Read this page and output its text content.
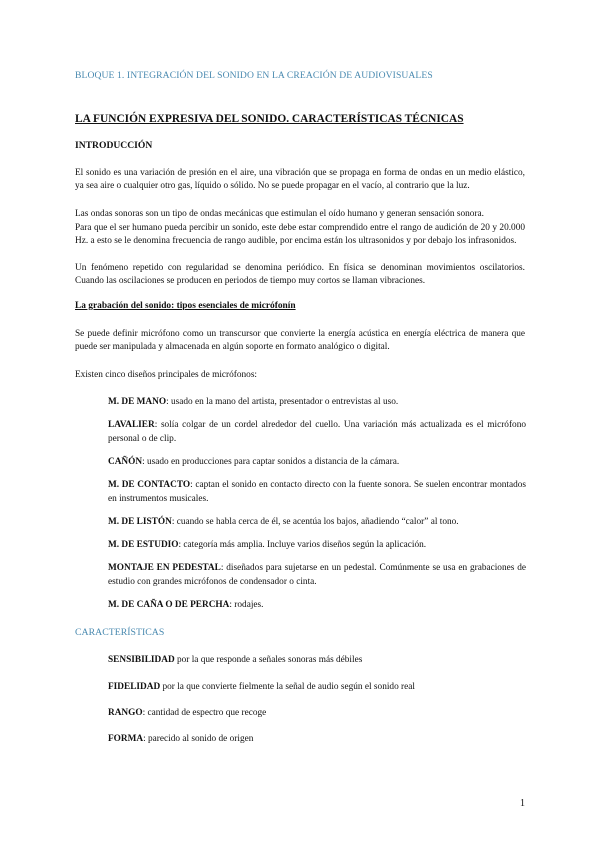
BLOQUE 1. INTEGRACIÓN DEL SONIDO EN LA CREACIÓN DE AUDIOVISUALES
LA FUNCIÓN EXPRESIVA DEL SONIDO. CARACTERÍSTICAS TÉCNICAS
INTRODUCCIÓN
El sonido es una variación de presión en el aire, una vibración que se propaga en forma de ondas en un medio elástico, ya sea aire o cualquier otro gas, líquido o sólido. No se puede propagar en el vacío, al contrario que la luz.
Las ondas sonoras son un tipo de ondas mecánicas que estimulan el oído humano y generan sensación sonora.
Para que el ser humano pueda percibir un sonido, este debe estar comprendido entre el rango de audición de 20 y 20.000 Hz. a esto se le denomina frecuencia de rango audible, por encima están los ultrasonidos y por debajo los infrasonidos.
Un fenómeno repetido con regularidad se denomina periódico. En física se denominan movimientos oscilatorios. Cuando las oscilaciones se producen en periodos de tiempo muy cortos se llaman vibraciones.
La grabación del sonido: tipos esenciales de micrófonín
Se puede definir micrófono como un transcursor que convierte la energía acústica en energía eléctrica de manera que puede ser manipulada y almacenada en algún soporte en formato analógico o digital.
Existen cinco diseños principales de micrófonos:
M. DE MANO: usado en la mano del artista, presentador o entrevistas al uso.
LAVALIER: solía colgar de un cordel alrededor del cuello. Una variación más actualizada es el micrófono personal o de clip.
CAÑÓN: usado en producciones para captar sonidos a distancia de la cámara.
M. DE CONTACTO: captan el sonido en contacto directo con la fuente sonora. Se suelen encontrar montados en instrumentos musicales.
M. DE LISTÓN: cuando se habla cerca de él, se acentúa los bajos, añadiendo “calor” al tono.
M. DE ESTUDIO: categoría más amplia. Incluye varios diseños según la aplicación.
MONTAJE EN PEDESTAL: diseñados para sujetarse en un pedestal. Comúnmente se usa en grabaciones de estudio con grandes micrófonos de condensador o cinta.
M. DE CAÑA O DE PERCHA: rodajes.
CARACTERÍSTICAS
SENSIBILIDAD por la que responde a señales sonoras más débiles
FIDELIDAD por la que convierte fielmente la señal de audio según el sonido real
RANGO: cantidad de espectro que recoge
FORMA: parecido al sonido de origen
1
